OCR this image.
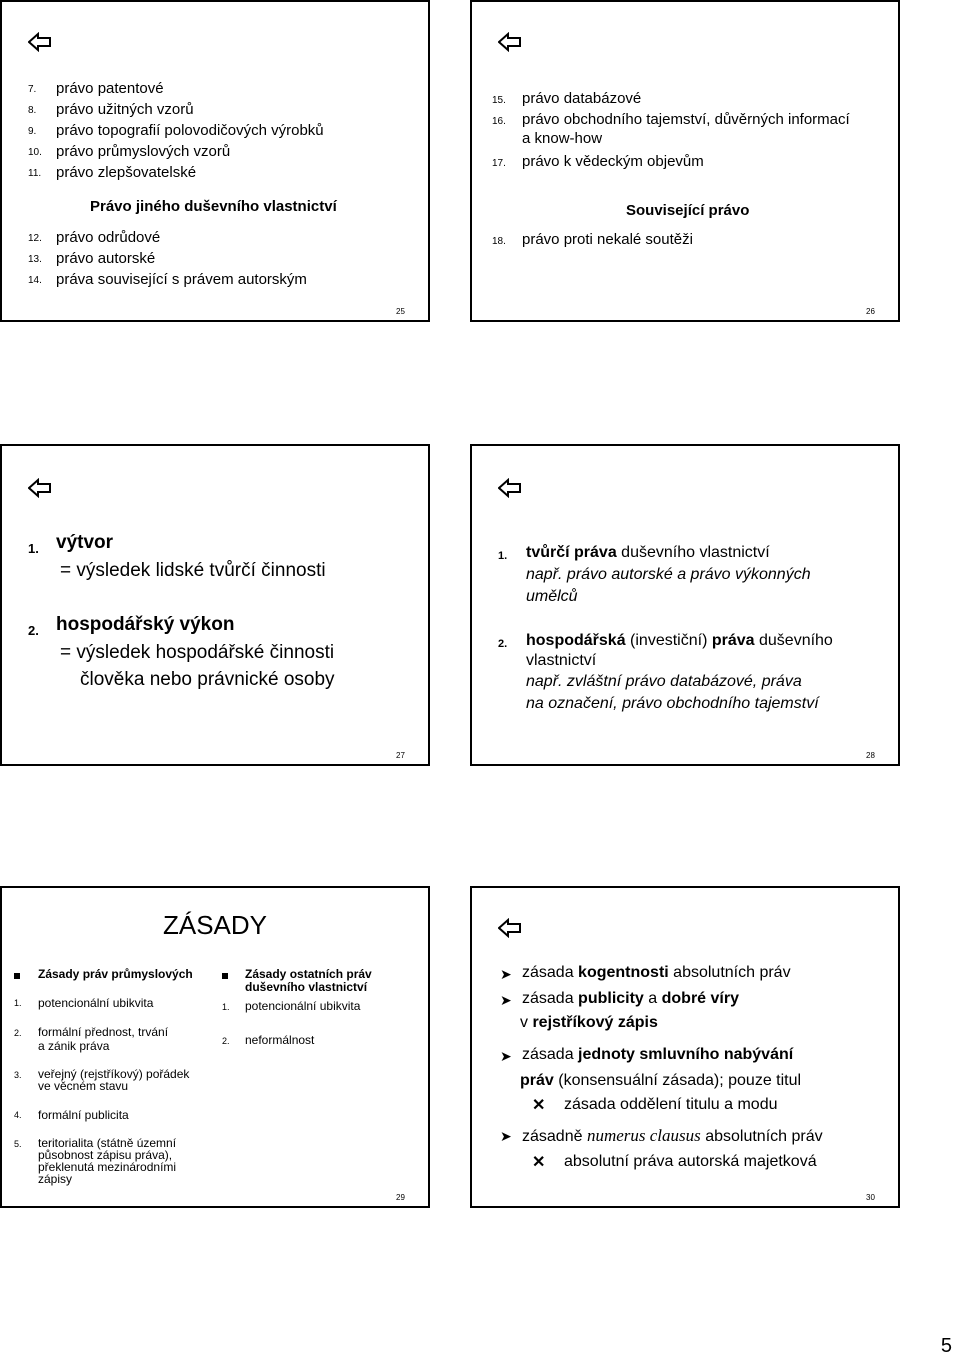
7. právo patentové
8. právo užitných vzorů
9. právo topografií polovodičových výrobků
10. právo průmyslových vzorů
11. právo zlepšovatelské
Právo jiného duševního vlastnictví
12. právo odrůdové
13. právo autorské
14. práva související s právem autorským
25
15. právo databázové
16. právo obchodního tajemství, důvěrných informací
a know-how
17. právo k vědeckým objevům
Související právo
18. právo proti nekalé soutěži
26
1. výtvor
= výsledek lidské tvůrčí činnosti
2. hospodářský výkon
= výsledek hospodářské činnosti
člověka nebo právnické osoby
27
1. tvůrčí práva duševního vlastnictví
např. právo autorské a právo výkonných
umělců
2. hospodářská (investiční) práva duševního
vlastnictví
např. zvláštní právo databázové, práva
na označení, právo obchodního tajemství
28
ZÁSADY
Zásady práv průmyslových
1. potencionální ubikvita
2. formální přednost, trvání
a zánik práva
3. veřejný (rejstříkový) pořádek
ve věcném stavu
4. formální publicita
5. teritorialita (státně územní
působnost zápisu práva),
překlenutá mezinárodními
zápisy
Zásady ostatních práv
duševního vlastnictví
1. potencionální ubikvita
2. neformálnost
29
➤ zásada kogentnosti absolutních práv
➤ zásada publicity a dobré víry
v rejstříkový zápis
➤ zásada jednoty smluvního nabývání
práv (konsensuální zásada); pouze titul
✕ zásada oddělení titulu a modu
➤ zásadně numerus clausus absolutních práv
✕ absolutní práva autorská majetková
30
5
